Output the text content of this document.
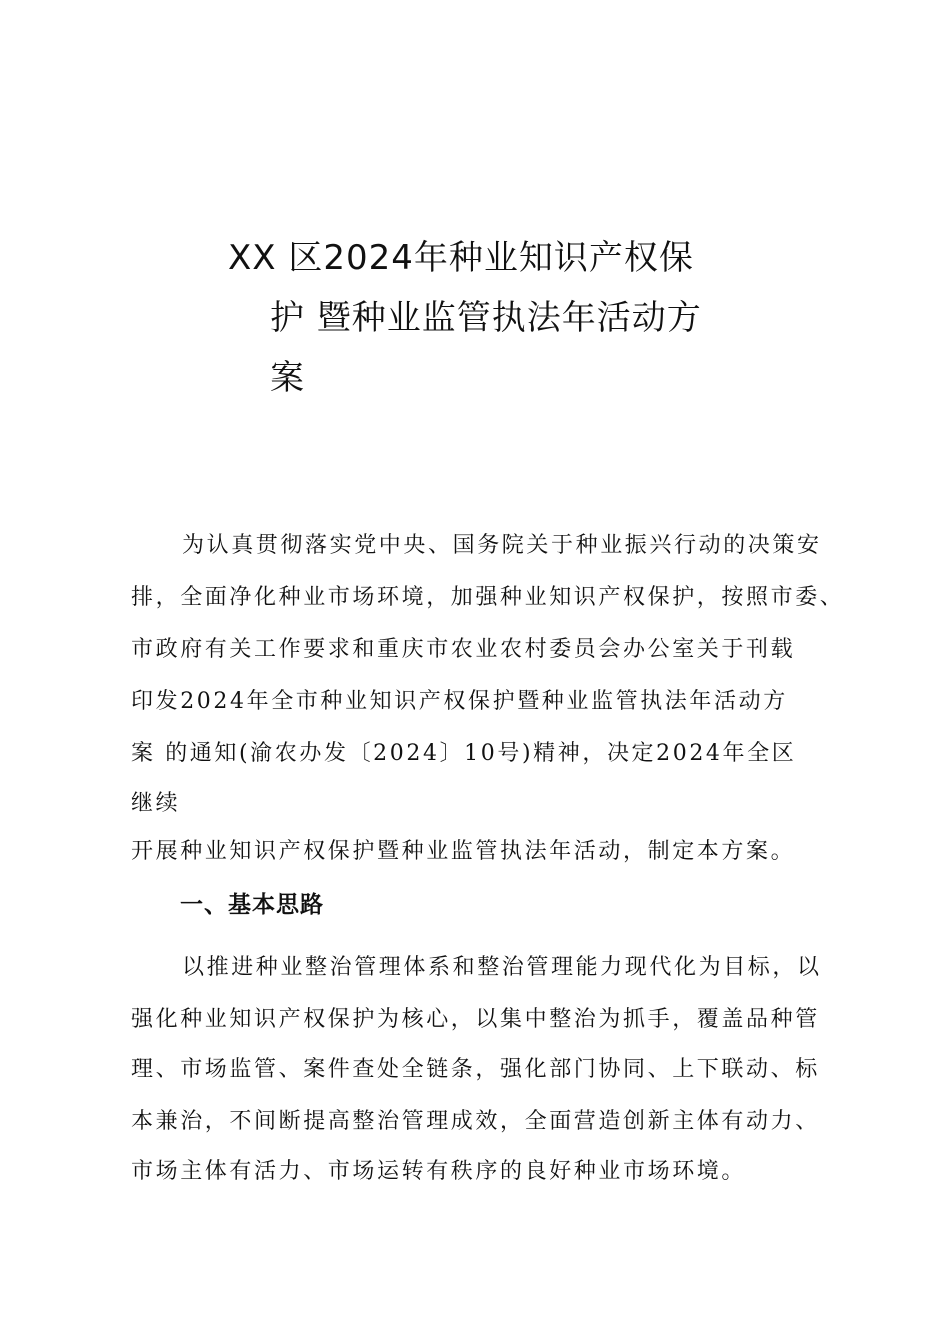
XX 区2024年种业知识产权保
护 暨种业监管执法年活动方
案
为认真贯彻落实党中央、国务院关于种业振兴行动的决策安
排，全面净化种业市场环境，加强种业知识产权保护，按照市委、
市政府有关工作要求和重庆市农业农村委员会办公室关于刊载
印发2024年全市种业知识产权保护暨种业监管执法年活动方
案 的通知(渝农办发〔2024〕10号)精神，决定2024年全区
继续
开展种业知识产权保护暨种业监管执法年活动，制定本方案。
一、基本思路
以推进种业整治管理体系和整治管理能力现代化为目标，以
强化种业知识产权保护为核心，以集中整治为抓手，覆盖品种管
理、市场监管、案件查处全链条，强化部门协同、上下联动、标
本兼治，不间断提高整治管理成效，全面营造创新主体有动力、
市场主体有活力、市场运转有秩序的良好种业市场环境。
